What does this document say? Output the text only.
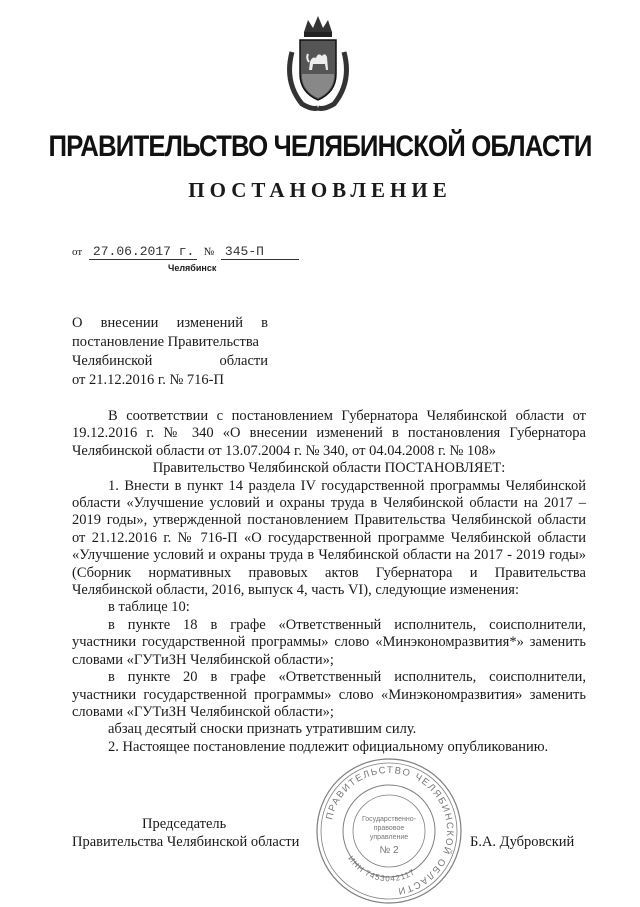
ПРАВИТЕЛЬСТВО ЧЕЛЯБИНСКОЙ ОБЛАСТИ
ПОСТАНОВЛЕНИЕ
от 27.06.2017 г. № 345-П
Челябинск
О внесении изменений в
постановление Правительства
Челябинской области
от 21.12.2016 г. № 716-П

В соответствии с постановлением Губернатора Челябинской области от 19.12.2016 г. № 340 «О внесении изменений в постановления Губернатора Челябинской области от 13.07.2004 г. № 340, от 04.04.2008 г. № 108»

Правительство Челябинской области ПОСТАНОВЛЯЕТ:

1. Внести в пункт 14 раздела IV государственной программы Челябинской области «Улучшение условий и охраны труда в Челябинской области на 2017 – 2019 годы», утвержденной постановлением Правительства Челябинской области от 21.12.2016 г. № 716-П «О государственной программе Челябинской области «Улучшение условий и охраны труда в Челябинской области на 2017 - 2019 годы» (Сборник нормативных правовых актов Губернатора и Правительства Челябинской области, 2016, выпуск 4, часть VI), следующие изменения:

в таблице 10:

в пункте 18 в графе «Ответственный исполнитель, соисполнители, участники государственной программы» слово «Минэкономразвития*» заменить словами «ГУТиЗН Челябинской области»;

в пункте 20 в графе «Ответственный исполнитель, соисполнители, участники государственной программы» слово «Минэкономразвития» заменить словами «ГУТиЗН Челябинской области»;

абзац десятый сноски признать утратившим силу.

2. Настоящее постановление подлежит официальному опубликованию.

Председатель
Правительства Челябинской области	Б.А. Дубровский
ПРАВИТЕЛЬСТВО ЧЕЛЯБИНСКОЙ ОБЛАСТИ
ИНН 7453042117
Государственно-
правовое
управление
№ 2
